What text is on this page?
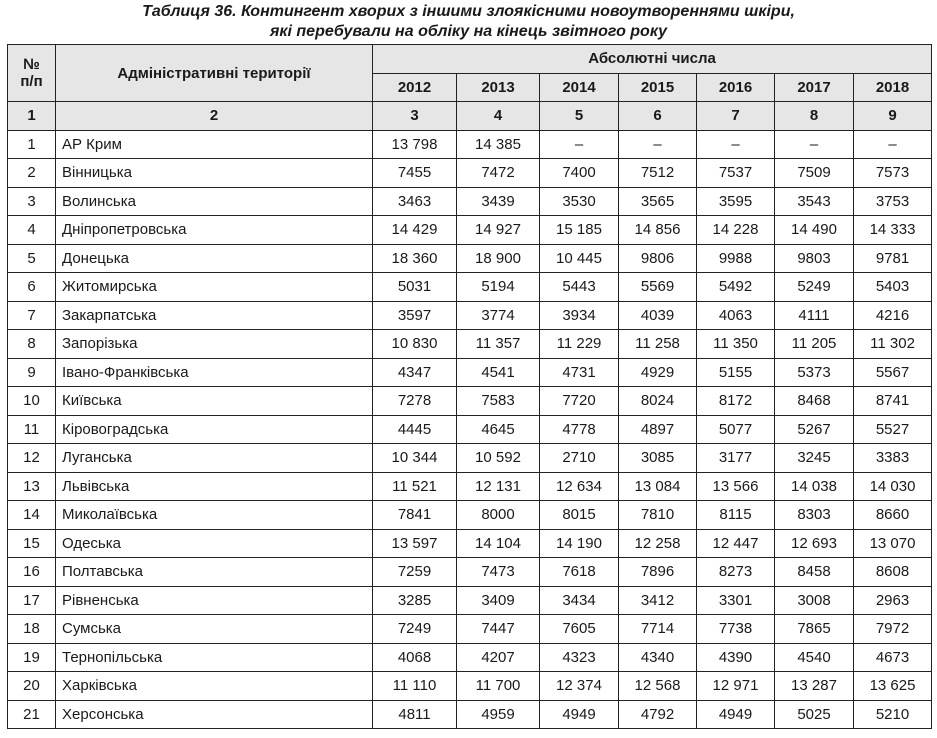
Таблиця 36. Контингент хворих з іншими злоякісними новоутвореннями шкіри,
які перебували на обліку на кінець звітного року
№
п/п	Адміністративні території	Абсолютні числа						
		2012	2013	2014	2015	2016	2017	2018
1	2	3	4	5	6	7	8	9
1	АР Крим	13 798	14 385	–	–	–	–	–
2	Вінницька	7455	7472	7400	7512	7537	7509	7573
3	Волинська	3463	3439	3530	3565	3595	3543	3753
4	Дніпропетровська	14 429	14 927	15 185	14 856	14 228	14 490	14 333
5	Донецька	18 360	18 900	10 445	9806	9988	9803	9781
6	Житомирська	5031	5194	5443	5569	5492	5249	5403
7	Закарпатська	3597	3774	3934	4039	4063	4111	4216
8	Запорізька	10 830	11 357	11 229	11 258	11 350	11 205	11 302
9	Івано-Франківська	4347	4541	4731	4929	5155	5373	5567
10	Київська	7278	7583	7720	8024	8172	8468	8741
11	Кіровоградська	4445	4645	4778	4897	5077	5267	5527
12	Луганська	10 344	10 592	2710	3085	3177	3245	3383
13	Львівська	11 521	12 131	12 634	13 084	13 566	14 038	14 030
14	Миколаївська	7841	8000	8015	7810	8115	8303	8660
15	Одеська	13 597	14 104	14 190	12 258	12 447	12 693	13 070
16	Полтавська	7259	7473	7618	7896	8273	8458	8608
17	Рівненська	3285	3409	3434	3412	3301	3008	2963
18	Сумська	7249	7447	7605	7714	7738	7865	7972
19	Тернопільська	4068	4207	4323	4340	4390	4540	4673
20	Харківська	11 110	11 700	12 374	12 568	12 971	13 287	13 625
21	Херсонська	4811	4959	4949	4792	4949	5025	5210
